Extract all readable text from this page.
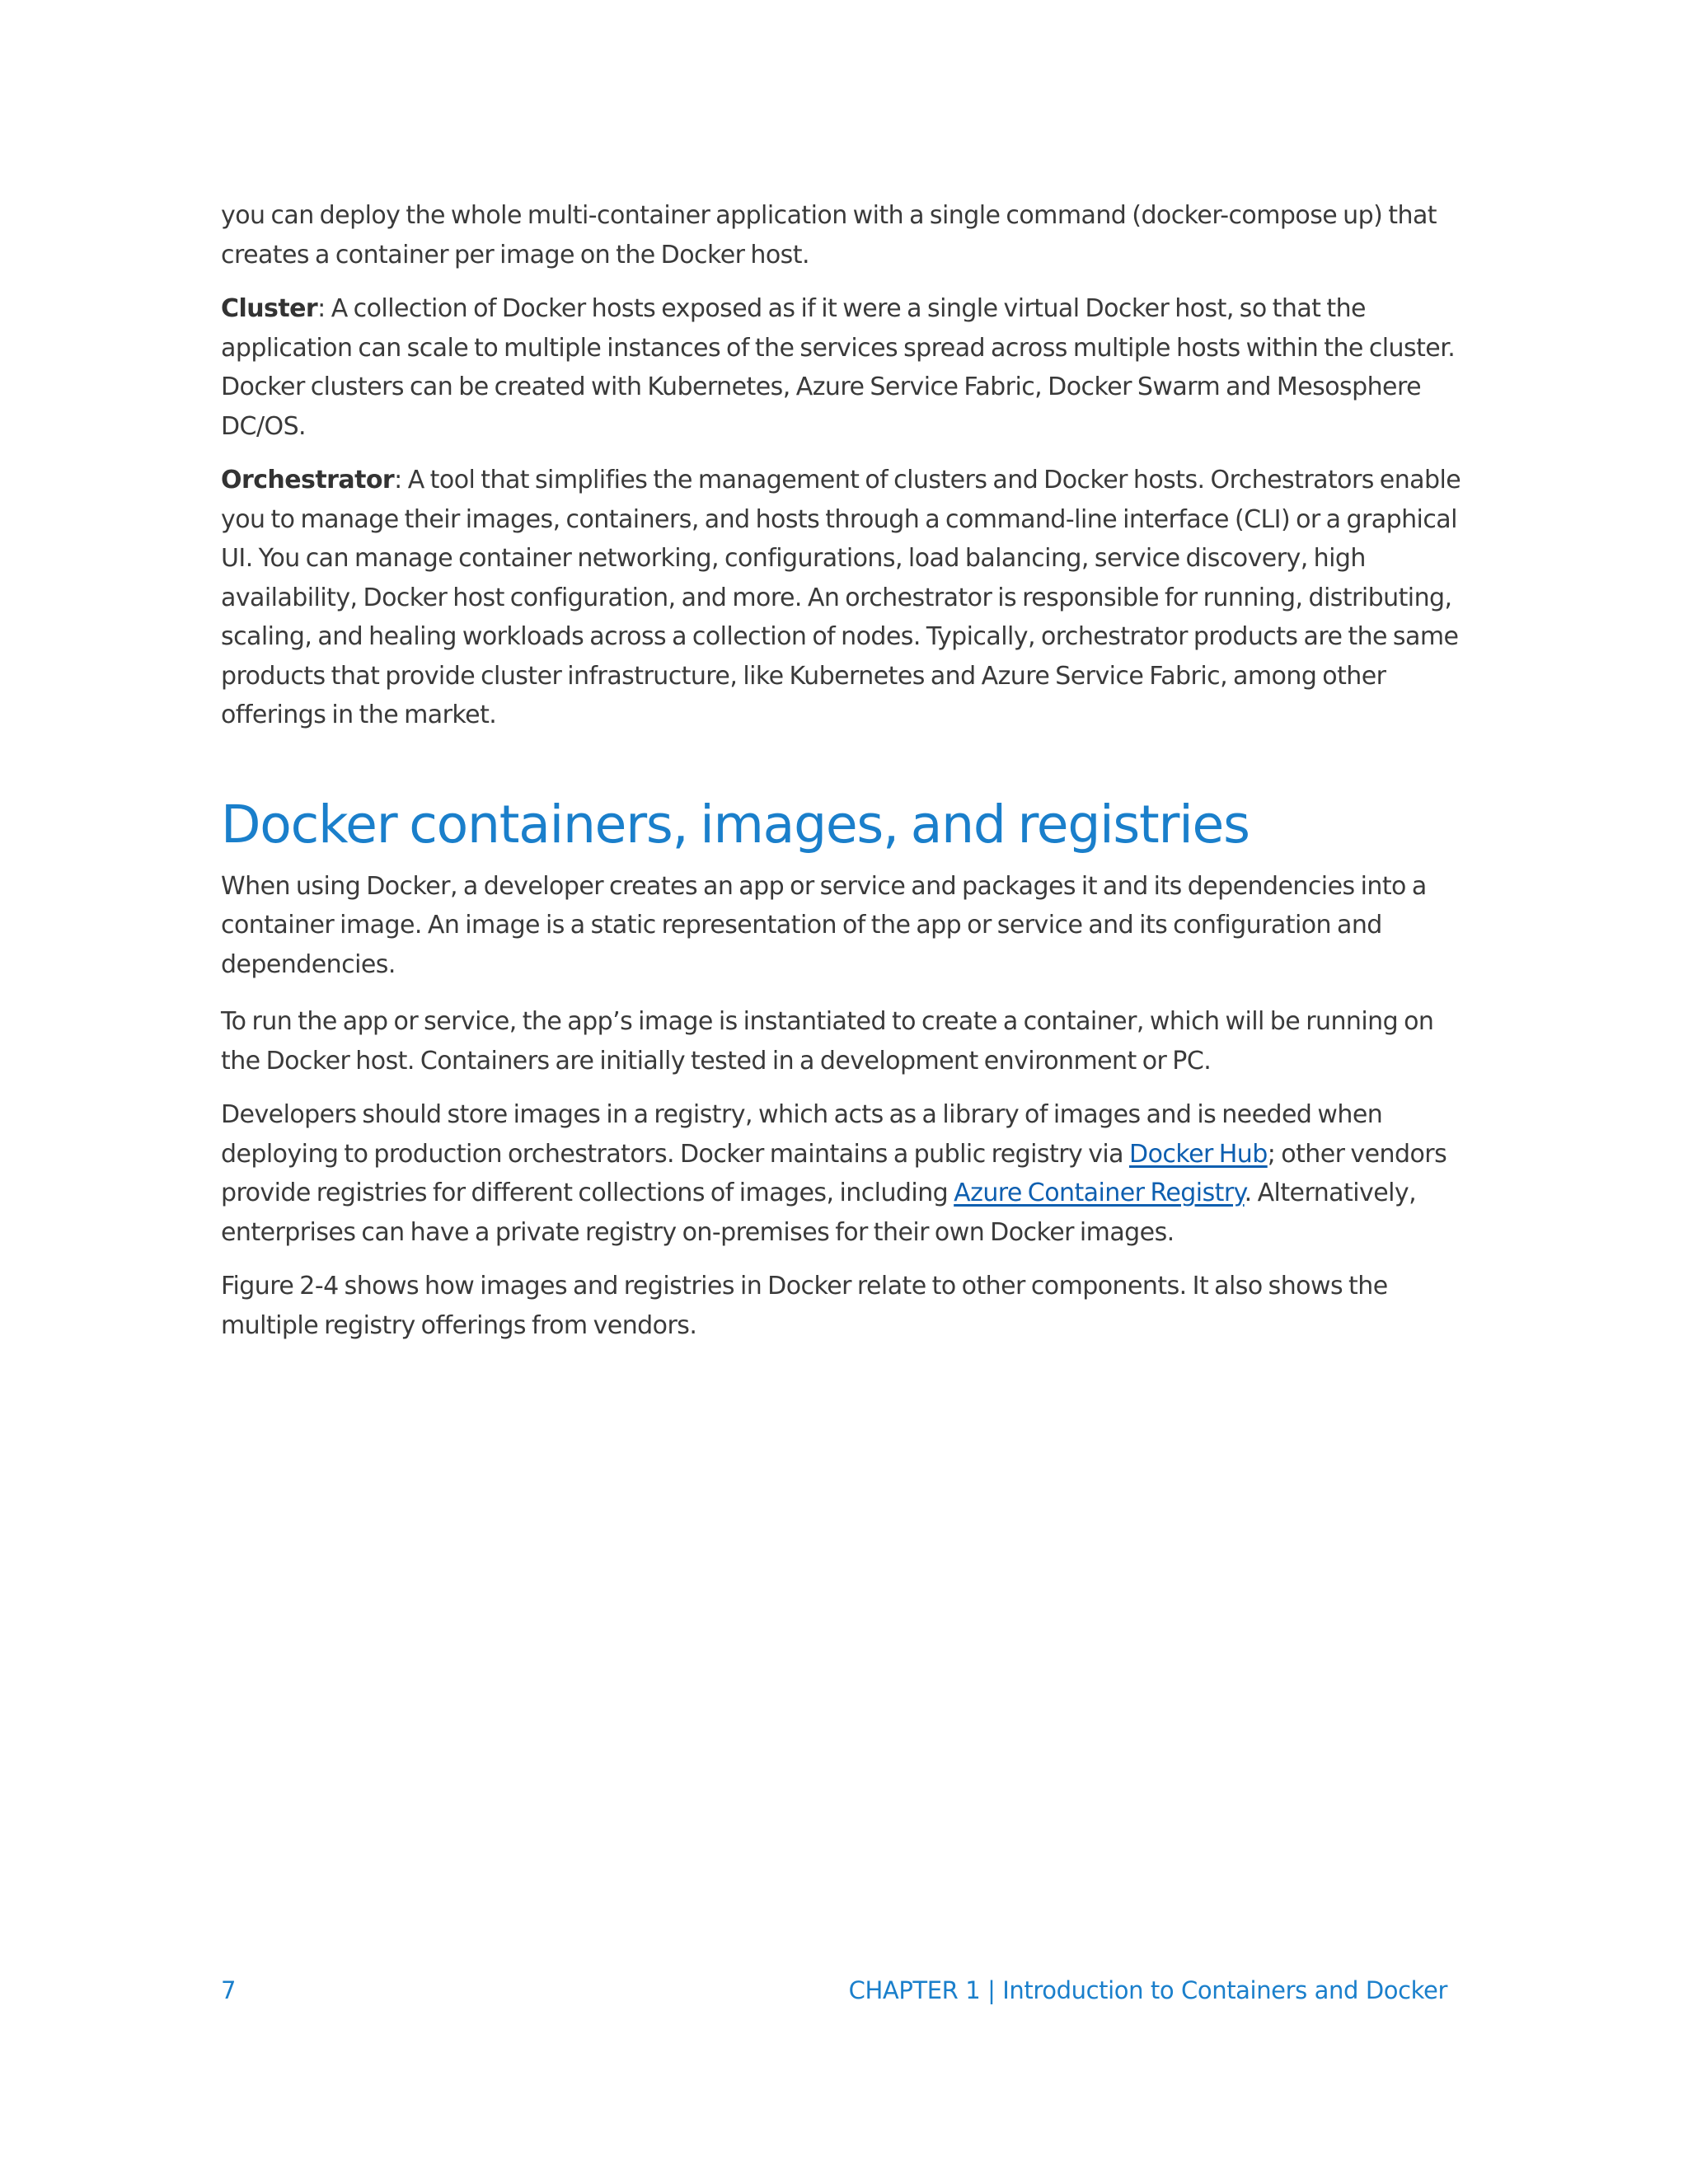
you can deploy the whole multi-container application with a single command (docker-compose up) that creates a container per image on the Docker host.

Cluster: A collection of Docker hosts exposed as if it were a single virtual Docker host, so that the application can scale to multiple instances of the services spread across multiple hosts within the cluster. Docker clusters can be created with Kubernetes, Azure Service Fabric, Docker Swarm and Mesosphere DC/OS.

Orchestrator: A tool that simplifies the management of clusters and Docker hosts. Orchestrators enable you to manage their images, containers, and hosts through a command-line interface (CLI) or a graphical UI. You can manage container networking, configurations, load balancing, service discovery, high availability, Docker host configuration, and more. An orchestrator is responsible for running, distributing, scaling, and healing workloads across a collection of nodes. Typically, orchestrator products are the same products that provide cluster infrastructure, like Kubernetes and Azure Service Fabric, among other offerings in the market.

Docker containers, images, and registries

When using Docker, a developer creates an app or service and packages it and its dependencies into a container image. An image is a static representation of the app or service and its configuration and dependencies.

To run the app or service, the app’s image is instantiated to create a container, which will be running on the Docker host. Containers are initially tested in a development environment or PC.

Developers should store images in a registry, which acts as a library of images and is needed when deploying to production orchestrators. Docker maintains a public registry via Docker Hub; other vendors provide registries for different collections of images, including Azure Container Registry. Alternatively, enterprises can have a private registry on-premises for their own Docker images.

Figure 2-4 shows how images and registries in Docker relate to other components. It also shows the multiple registry offerings from vendors.

7	CHAPTER 1 | Introduction to Containers and Docker
